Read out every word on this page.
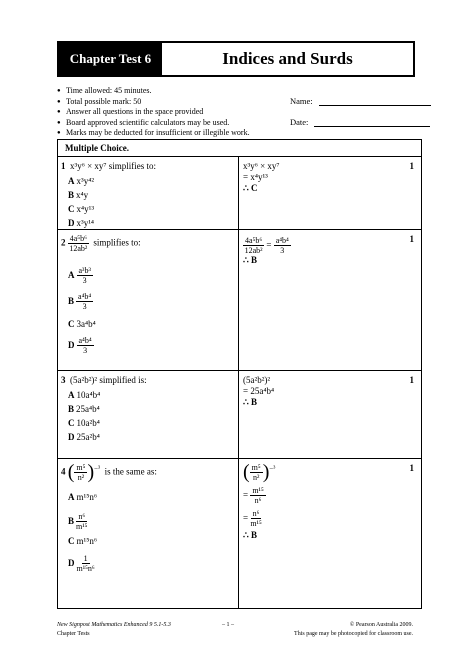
Chapter Test 6	Indices and Surds
● Time allowed: 45 minutes.
● Total possible mark: 50
● Answer all questions in the space provided
● Board approved scientific calculators may be used.
● Marks may be deducted for insufficient or illegible work.
Name:
Date:
Multiple Choice.
1 x³y⁶ × xy⁷ simplifies to:
A x³y⁴²
B x⁴y
C x⁴y¹³
D x³y¹⁴
x³y⁶ × xy⁷
= x⁴y¹³
∴ C
1
$2 \frac{\text{4a⁵b⁶}}{\text{12ab²}}$ simplifies to:
A $\frac{\text{a³b³}}{3}$
B $\frac{\text{a⁴b⁴}}{3}$
C 3a⁴b⁴
D $\frac{\text{a⁴b⁴}}{3}$
$\frac{\text{4a⁵b⁶}}{\text{12ab²}} = \frac{\text{a⁴b⁴}}{3}$
∴ B
1
3 (5a²b²)² simplified is:
A 10a⁴b⁴
B 25a⁴b⁴
C 10a²b⁴
D 25a²b⁴
(5a²b²)²
= 25a⁴b⁴
∴ B
1
4 ( $\frac{\text{m⁵}}{\text{n²}} )^{-^3}$ is the same as:
A m¹⁵n⁶
B $\frac{\text{n⁶}}{\text{m¹⁵}}$
C m¹⁵n⁶
D $\frac{1}{\text{m¹⁵n⁶}}$
( $\frac{\text{m⁵}}{\text{n²}} )^{-^3}$
= $\frac{\text{m¹⁵}}{\text{n⁶}}$
= $\frac{\text{n⁶}}{\text{m¹⁵}}$
∴ B
1
New Signpost Mathematics Enhanced 9 5.1-5.3
Chapter Tests
– 1 –	© Pearson Australia 2009.
This page may be photocopied for classroom use.
